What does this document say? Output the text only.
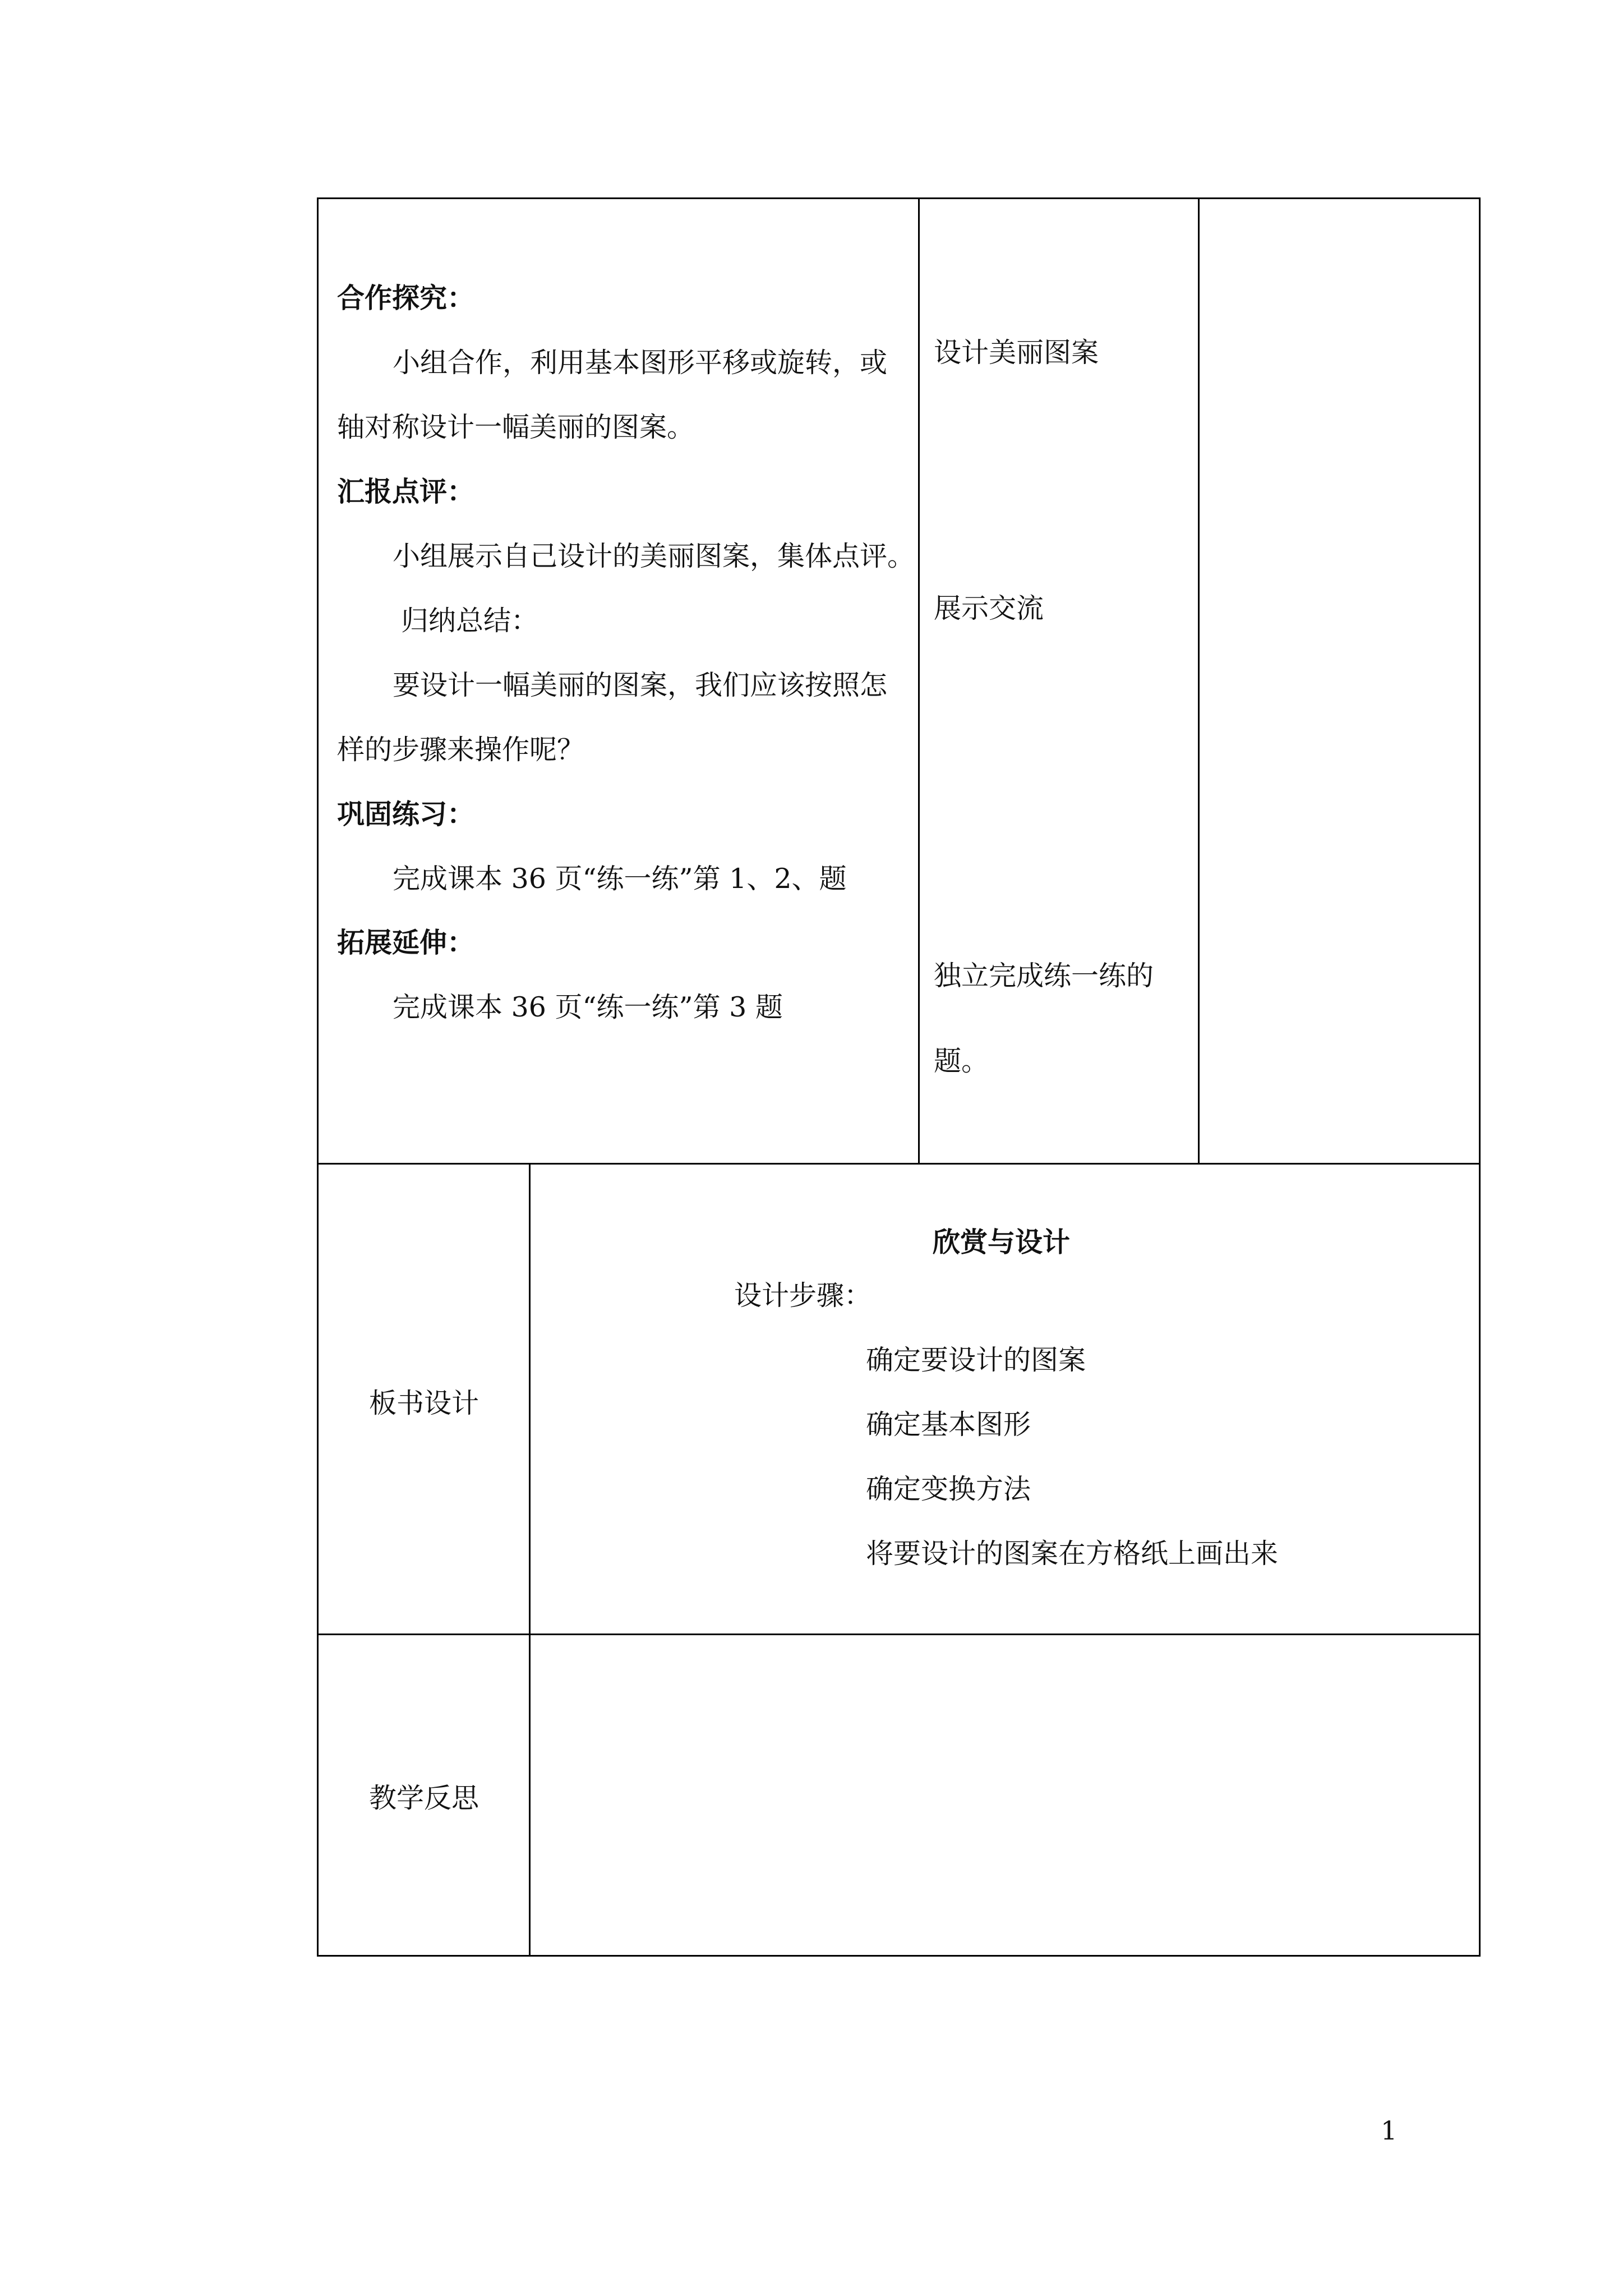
合作探究：
小组合作，利用基本图形平移或旋转，或
轴对称设计一幅美丽的图案。
汇报点评：
小组展示自己设计的美丽图案，集体点评。
归纳总结：
要设计一幅美丽的图案，我们应该按照怎
样的步骤来操作呢？
巩固练习：
完成课本 36 页“练一练”第 1、2、题
拓展延伸：
完成课本 36 页“练一练”第 3 题
设计美丽图案
展示交流
独立完成练一练的
题。
板书设计
欣赏与设计
设计步骤：
确定要设计的图案
确定基本图形
确定变换方法
将要设计的图案在方格纸上画出来
教学反思
1
